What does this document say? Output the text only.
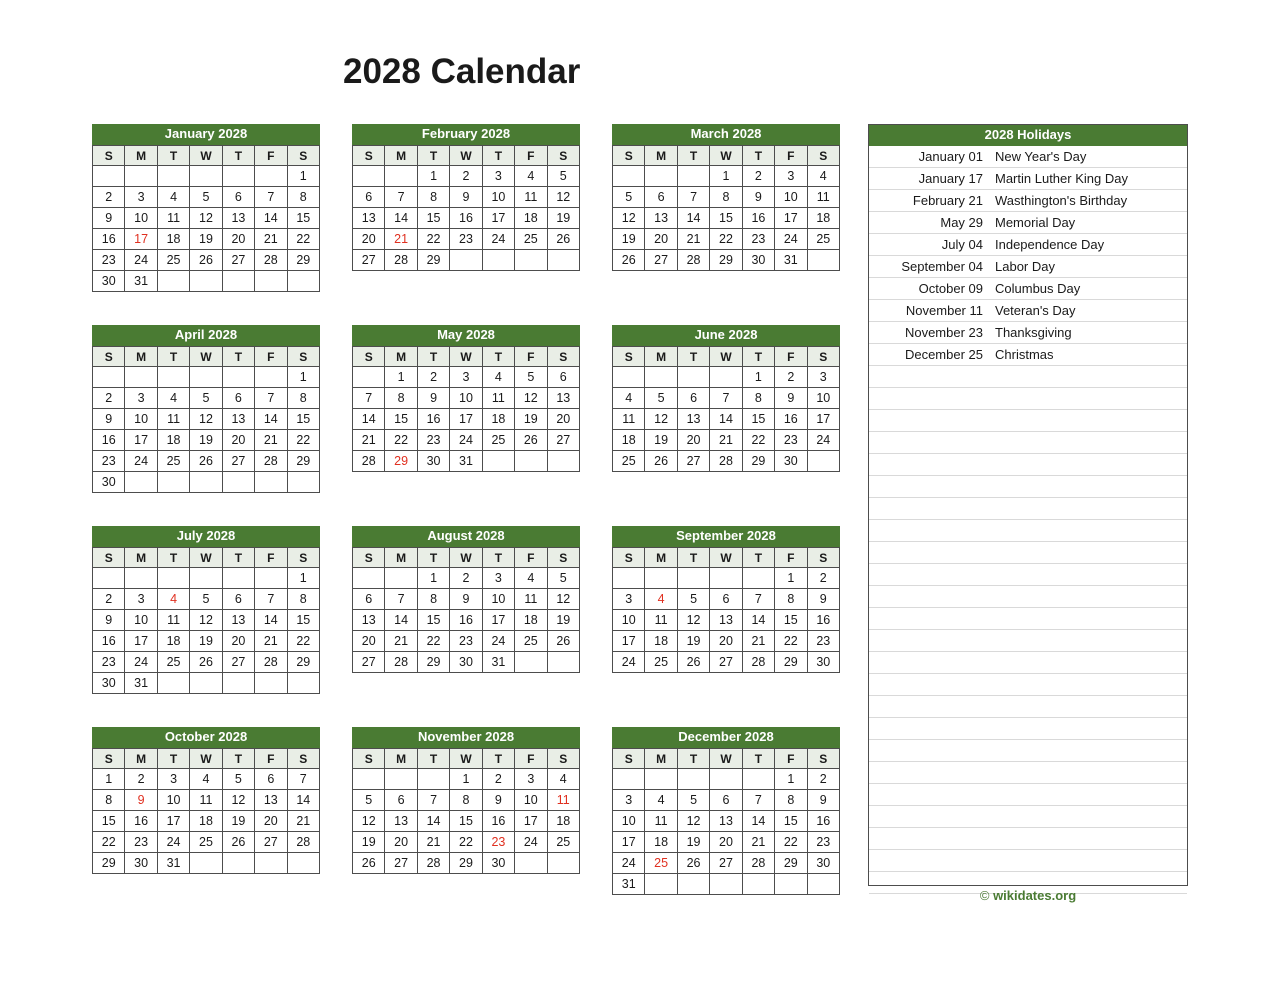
2028 Calendar
January 2028
S	M	T	W	T	F	S
						1
2	3	4	5	6	7	8
9	10	11	12	13	14	15
16	17	18	19	20	21	22
23	24	25	26	27	28	29
30	31					
February 2028
S	M	T	W	T	F	S
		1	2	3	4	5
6	7	8	9	10	11	12
13	14	15	16	17	18	19
20	21	22	23	24	25	26
27	28	29				
March 2028
S	M	T	W	T	F	S
			1	2	3	4
5	6	7	8	9	10	11
12	13	14	15	16	17	18
19	20	21	22	23	24	25
26	27	28	29	30	31	
April 2028
S	M	T	W	T	F	S
						1
2	3	4	5	6	7	8
9	10	11	12	13	14	15
16	17	18	19	20	21	22
23	24	25	26	27	28	29
30						
May 2028
S	M	T	W	T	F	S
	1	2	3	4	5	6
7	8	9	10	11	12	13
14	15	16	17	18	19	20
21	22	23	24	25	26	27
28	29	30	31			
June 2028
S	M	T	W	T	F	S
				1	2	3
4	5	6	7	8	9	10
11	12	13	14	15	16	17
18	19	20	21	22	23	24
25	26	27	28	29	30	
July 2028
S	M	T	W	T	F	S
						1
2	3	4	5	6	7	8
9	10	11	12	13	14	15
16	17	18	19	20	21	22
23	24	25	26	27	28	29
30	31					
August 2028
S	M	T	W	T	F	S
		1	2	3	4	5
6	7	8	9	10	11	12
13	14	15	16	17	18	19
20	21	22	23	24	25	26
27	28	29	30	31		
September 2028
S	M	T	W	T	F	S
					1	2
3	4	5	6	7	8	9
10	11	12	13	14	15	16
17	18	19	20	21	22	23
24	25	26	27	28	29	30
October 2028
S	M	T	W	T	F	S
1	2	3	4	5	6	7
8	9	10	11	12	13	14
15	16	17	18	19	20	21
22	23	24	25	26	27	28
29	30	31				
November 2028
S	M	T	W	T	F	S
			1	2	3	4
5	6	7	8	9	10	11
12	13	14	15	16	17	18
19	20	21	22	23	24	25
26	27	28	29	30		
December 2028
S	M	T	W	T	F	S
					1	2
3	4	5	6	7	8	9
10	11	12	13	14	15	16
17	18	19	20	21	22	23
24	25	26	27	28	29	30
31						
2028 Holidays
January 01 New Year's Day
January 17 Martin Luther King Day
February 21 Wasthington's Birthday
May 29 Memorial Day
July 04 Independence Day
September 04 Labor Day
October 09 Columbus Day
November 11 Veteran's Day
November 23 Thanksgiving
December 25 Christmas
© wikidates.org
